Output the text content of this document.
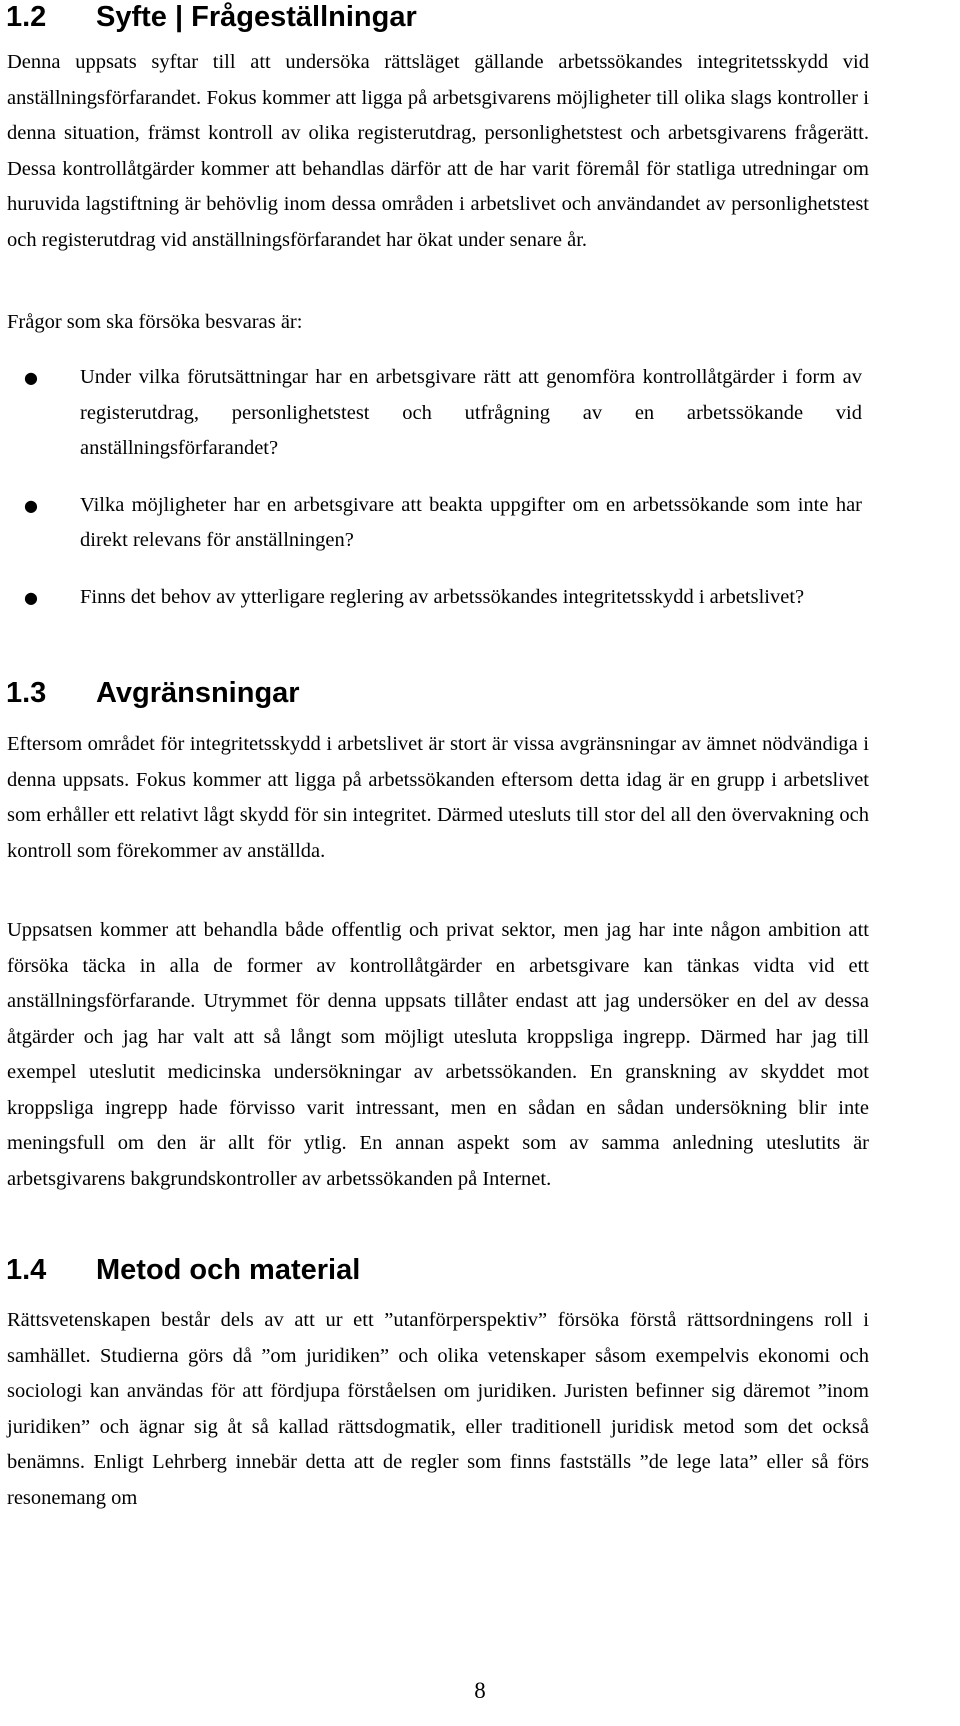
1.2 Syfte | Frågeställningar

Denna uppsats syftar till att undersöka rättsläget gällande arbetssökandes integritetsskydd vid anställningsförfarandet. Fokus kommer att ligga på arbetsgivarens möjligheter till olika slags kontroller i denna situation, främst kontroll av olika registerutdrag, personlighetstest och arbetsgivarens frågerätt. Dessa kontrollåtgärder kommer att behandlas därför att de har varit föremål för statliga utredningar om huruvida lagstiftning är behövlig inom dessa områden i arbetslivet och användandet av personlighetstest och registerutdrag vid anställningsförfarandet har ökat under senare år.

Frågor som ska försöka besvaras är:

● Under vilka förutsättningar har en arbetsgivare rätt att genomföra kontrollåtgärder i form av registerutdrag, personlighetstest och utfrågning av en arbetssökande vid anställningsförfarandet?
● Vilka möjligheter har en arbetsgivare att beakta uppgifter om en arbetssökande som inte har direkt relevans för anställningen?
● Finns det behov av ytterligare reglering av arbetssökandes integritetsskydd i arbetslivet?
1.3 Avgränsningar

Eftersom området för integritetsskydd i arbetslivet är stort är vissa avgränsningar av ämnet nödvändiga i denna uppsats. Fokus kommer att ligga på arbetssökanden eftersom detta idag är en grupp i arbetslivet som erhåller ett relativt lågt skydd för sin integritet. Därmed utesluts till stor del all den övervakning och kontroll som förekommer av anställda.

Uppsatsen kommer att behandla både offentlig och privat sektor, men jag har inte någon ambition att försöka täcka in alla de former av kontrollåtgärder en arbetsgivare kan tänkas vidta vid ett anställningsförfarande. Utrymmet för denna uppsats tillåter endast att jag undersöker en del av dessa åtgärder och jag har valt att så långt som möjligt utesluta kroppsliga ingrepp. Därmed har jag till exempel uteslutit medicinska undersökningar av arbetssökanden. En granskning av skyddet mot kroppsliga ingrepp hade förvisso varit intressant, men en sådan en sådan undersökning blir inte meningsfull om den är allt för ytlig. En annan aspekt som av samma anledning uteslutits är arbetsgivarens bakgrundskontroller av arbetssökanden på Internet.

1.4 Metod och material

Rättsvetenskapen består dels av att ur ett ”utanförperspektiv” försöka förstå rättsordningens roll i samhället. Studierna görs då ”om juridiken” och olika vetenskaper såsom exempelvis ekonomi och sociologi kan användas för att fördjupa förståelsen om juridiken. Juristen befinner sig däremot ”inom juridiken” och ägnar sig åt så kallad rättsdogmatik, eller traditionell juridisk metod som det också benämns. Enligt Lehrberg innebär detta att de regler som finns fastställs ”de lege lata” eller så förs resonemang om

8
